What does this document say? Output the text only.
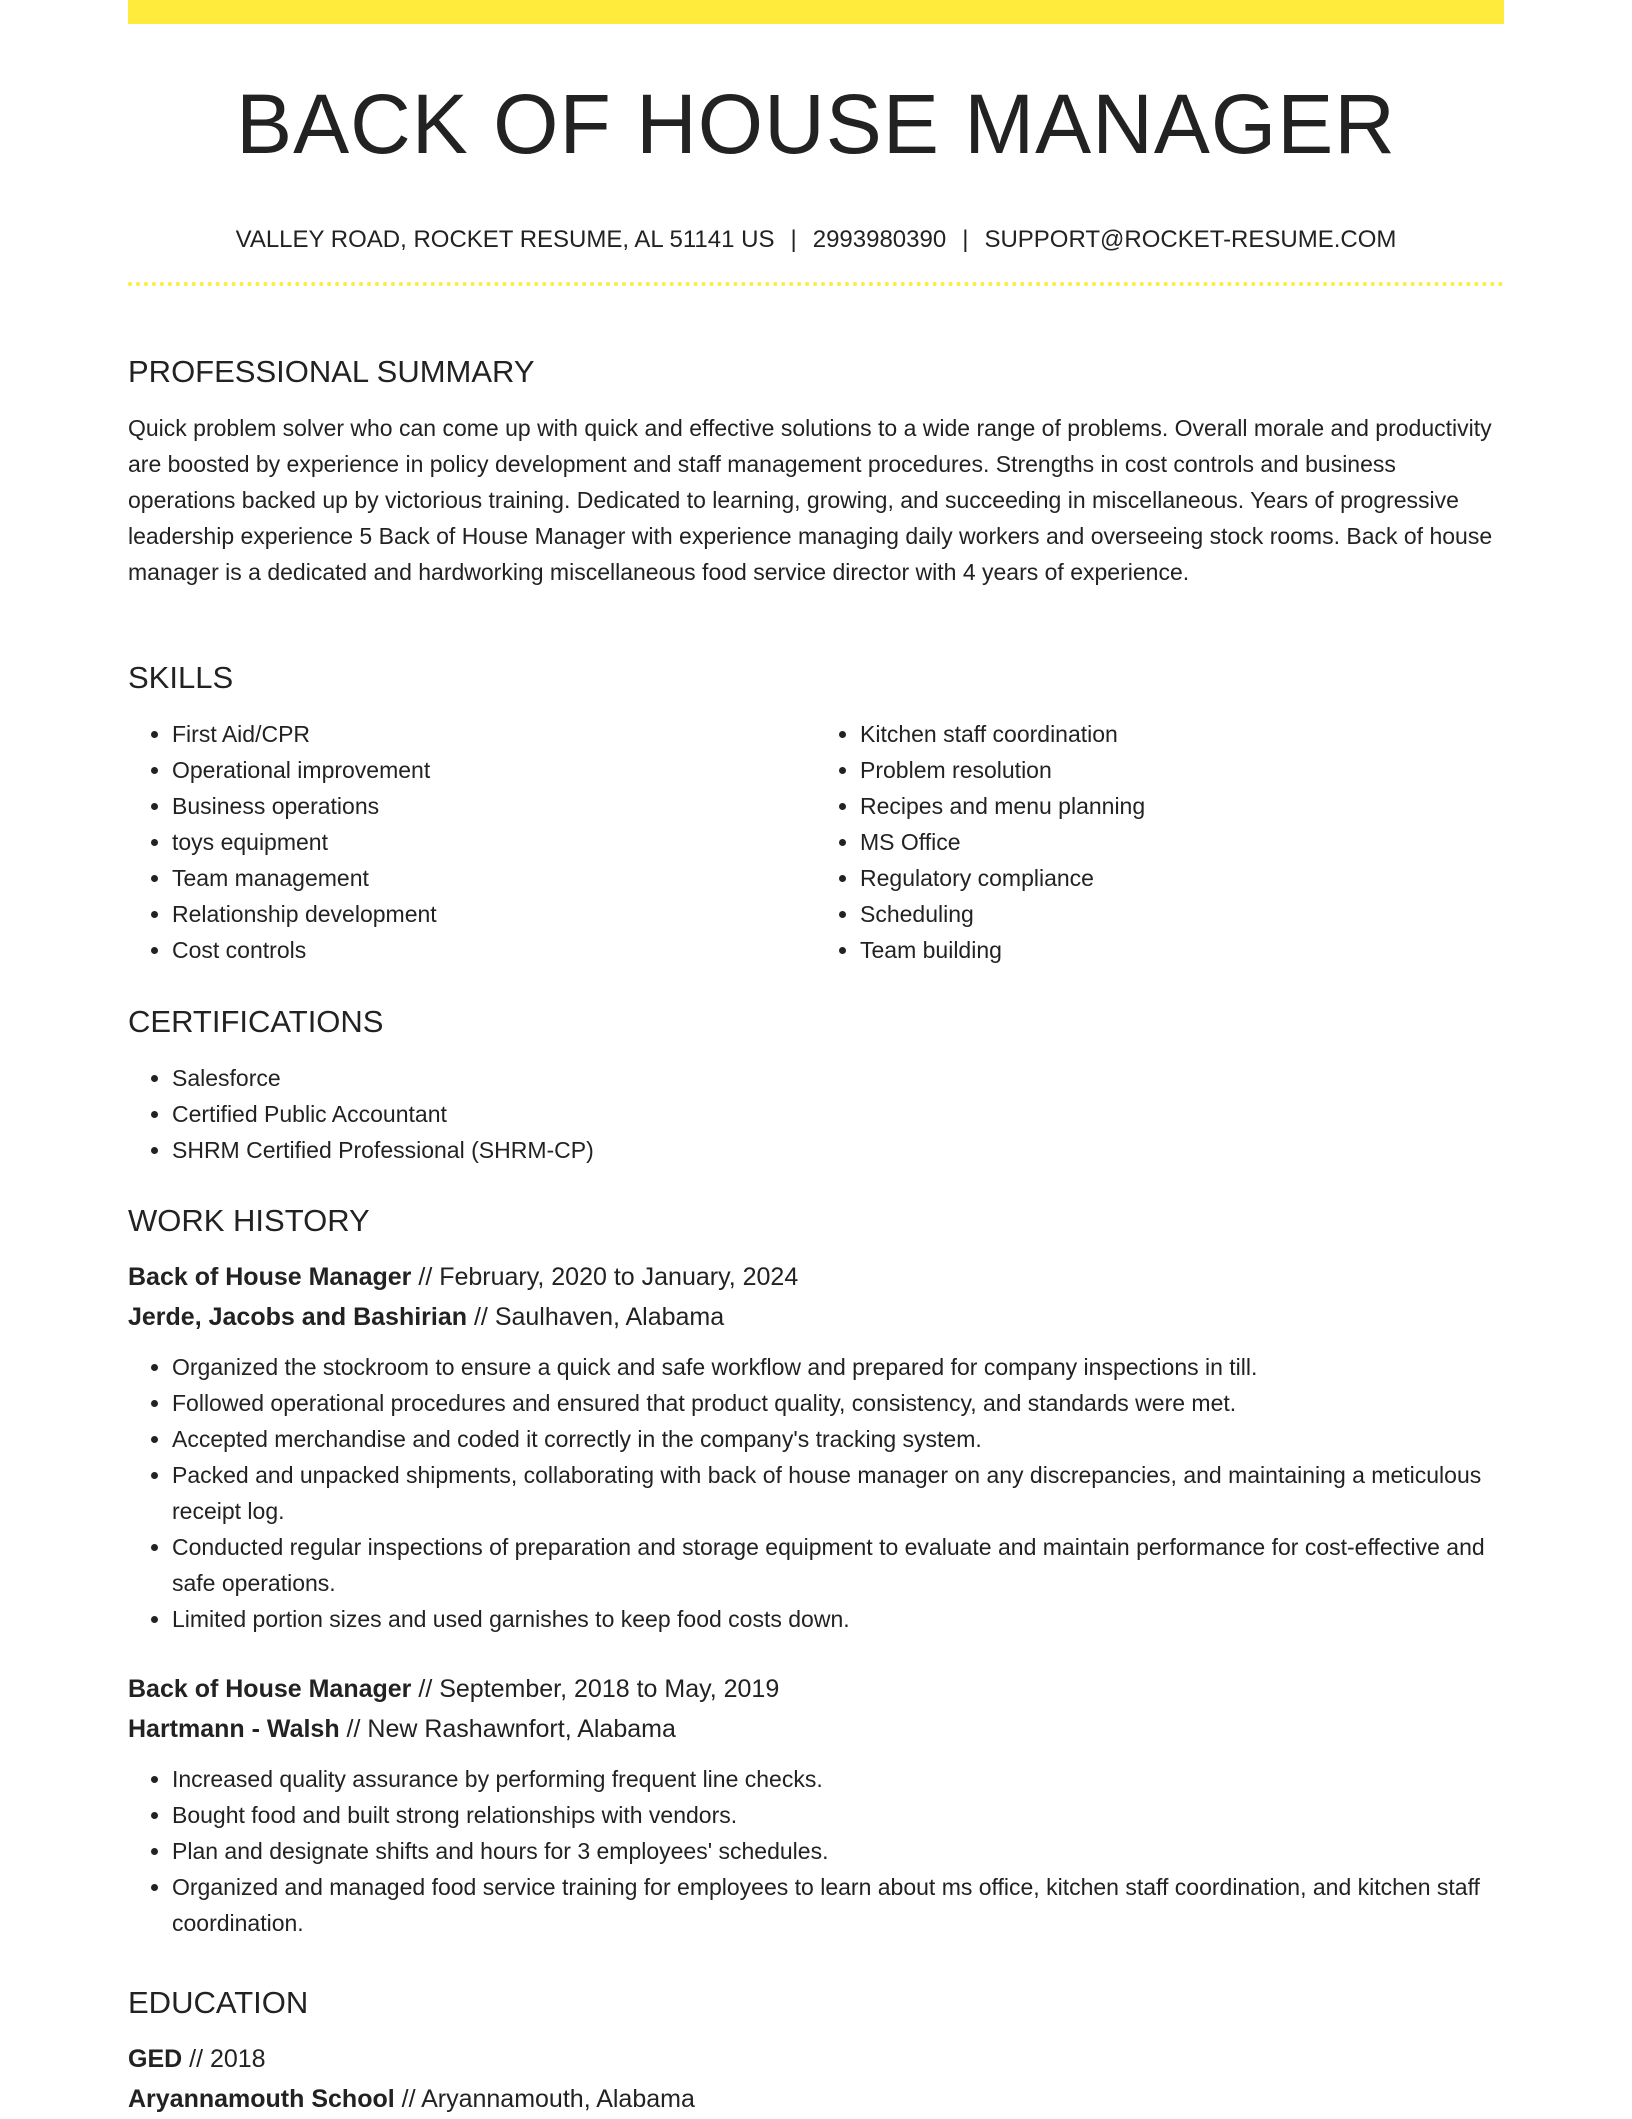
BACK OF HOUSE MANAGER
VALLEY ROAD, ROCKET RESUME, AL 51141 US | 2993980390 | SUPPORT@ROCKET-RESUME.COM
PROFESSIONAL SUMMARY

Quick problem solver who can come up with quick and effective solutions to a wide range of problems. Overall morale and productivity are boosted by experience in policy development and staff management procedures. Strengths in cost controls and business operations backed up by victorious training. Dedicated to learning, growing, and succeeding in miscellaneous. Years of progressive leadership experience 5 Back of House Manager with experience managing daily workers and overseeing stock rooms. Back of house manager is a dedicated and hardworking miscellaneous food service director with 4 years of experience.

SKILLS
• First Aid/CPR
• Operational improvement
• Business operations
• toys equipment
• Team management
• Relationship development
• Cost controls
• Kitchen staff coordination
• Problem resolution
• Recipes and menu planning
• MS Office
• Regulatory compliance
• Scheduling
• Team building
CERTIFICATIONS
• Salesforce
• Certified Public Accountant
• SHRM Certified Professional (SHRM-CP)
WORK HISTORY
Back of House Manager // February, 2020 to January, 2024
Jerde, Jacobs and Bashirian // Saulhaven, Alabama
• Organized the stockroom to ensure a quick and safe workflow and prepared for company inspections in till.
• Followed operational procedures and ensured that product quality, consistency, and standards were met.
• Accepted merchandise and coded it correctly in the company's tracking system.
• Packed and unpacked shipments, collaborating with back of house manager on any discrepancies, and maintaining a meticulous receipt log.
• Conducted regular inspections of preparation and storage equipment to evaluate and maintain performance for cost-effective and safe operations.
• Limited portion sizes and used garnishes to keep food costs down.
Back of House Manager // September, 2018 to May, 2019
Hartmann - Walsh // New Rashawnfort, Alabama
• Increased quality assurance by performing frequent line checks.
• Bought food and built strong relationships with vendors.
• Plan and designate shifts and hours for 3 employees' schedules.
• Organized and managed food service training for employees to learn about ms office, kitchen staff coordination, and kitchen staff coordination.
EDUCATION
GED // 2018
Aryannamouth School // Aryannamouth, Alabama
